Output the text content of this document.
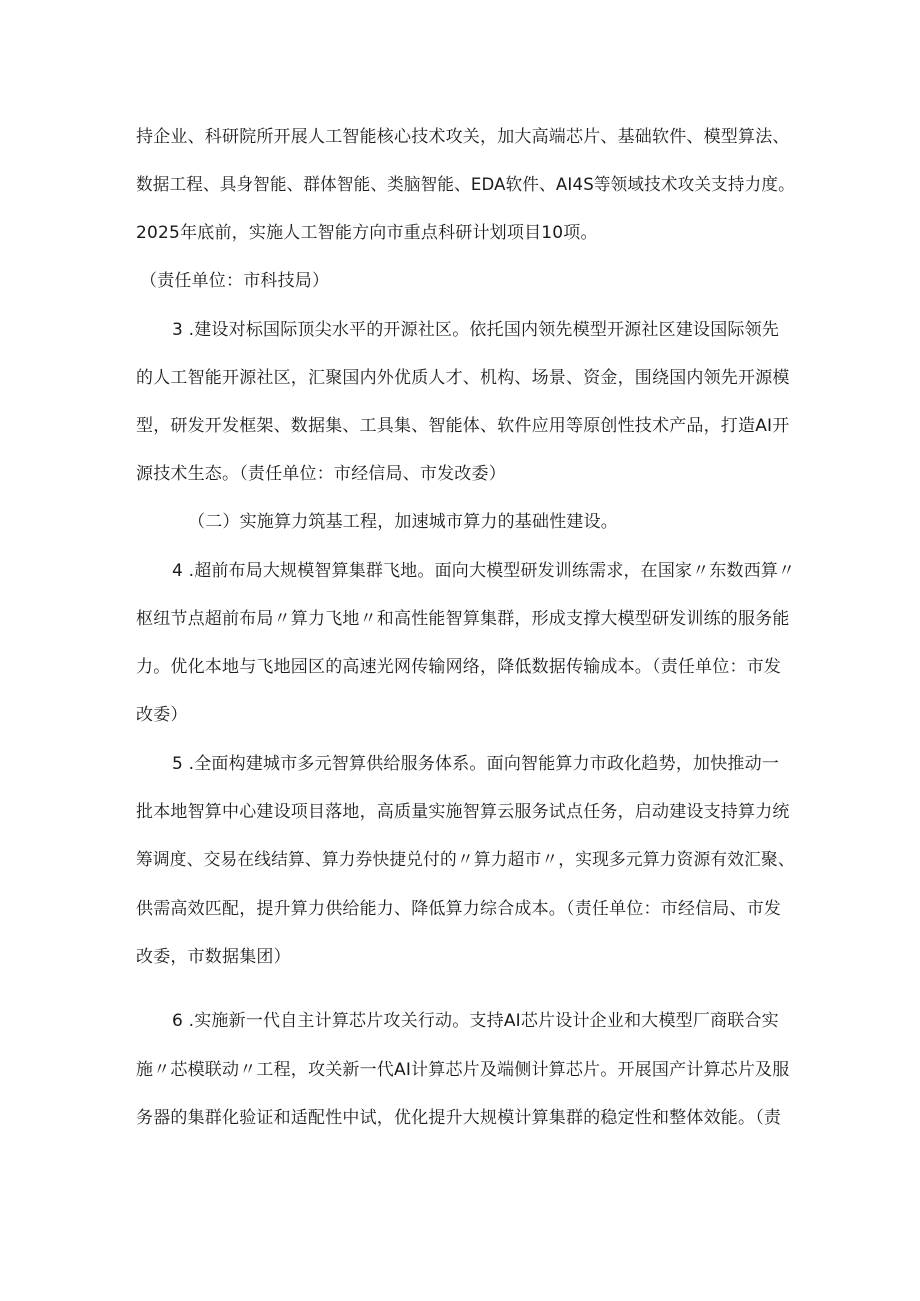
持企业、科研院所开展人工智能核心技术攻关，加大高端芯片、基础软件、模型算法、
数据工程、具身智能、群体智能、类脑智能、EDA软件、AI4S等领域技术攻关支持力度。
2025年底前，实施人工智能方向市重点科研计划项目10项。
（责任单位：市科技局）
3 .建设对标国际顶尖水平的开源社区。依托国内领先模型开源社区建设国际领先
的人工智能开源社区，汇聚国内外优质人才、机构、场景、资金，围绕国内领先开源模
型，研发开发框架、数据集、工具集、智能体、软件应用等原创性技术产品，打造AI开
源技术生态。（责任单位：市经信局、市发改委）
（二）实施算力筑基工程，加速城市算力的基础性建设。
4 .超前布局大规模智算集群飞地。面向大模型研发训练需求，在国家〃东数西算〃
枢纽节点超前布局〃算力飞地〃和高性能智算集群，形成支撑大模型研发训练的服务能
力。优化本地与飞地园区的高速光网传输网络，降低数据传输成本。（责任单位：市发
改委）
5 .全面构建城市多元智算供给服务体系。面向智能算力市政化趋势，加快推动一
批本地智算中心建设项目落地，高质量实施智算云服务试点任务，启动建设支持算力统
筹调度、交易在线结算、算力券快捷兑付的〃算力超市〃，实现多元算力资源有效汇聚、
供需高效匹配，提升算力供给能力、降低算力综合成本。（责任单位：市经信局、市发
改委，市数据集团）
6 .实施新一代自主计算芯片攻关行动。支持AI芯片设计企业和大模型厂商联合实
施〃芯模联动〃工程，攻关新一代AI计算芯片及端侧计算芯片。开展国产计算芯片及服
务器的集群化验证和适配性中试，优化提升大规模计算集群的稳定性和整体效能。（责
